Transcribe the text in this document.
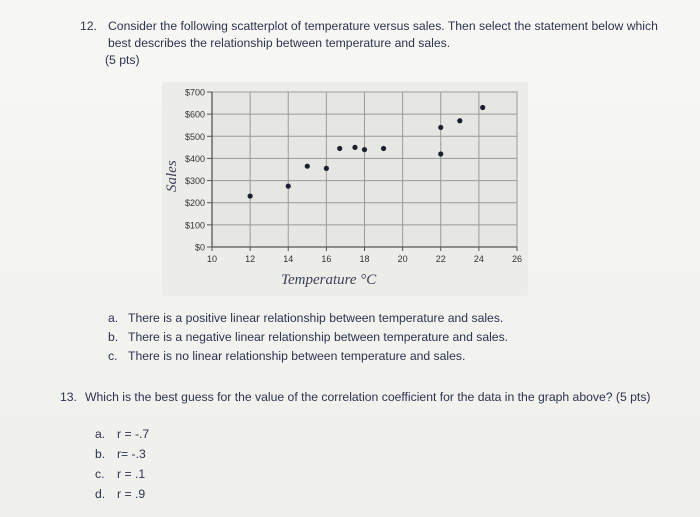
12. Consider the following scatterplot of temperature versus sales. Then select the statement below which best describes the relationship between temperature and sales.
(5 pts)
$0
$100
$200
$300
$400
$500
$600
$700
10	12	14	16	18	20	22	24	26
Sales
Temperature °C
a. There is a positive linear relationship between temperature and sales.
b. There is a negative linear relationship between temperature and sales.
c. There is no linear relationship between temperature and sales.
13. Which is the best guess for the value of the correlation coefficient for the data in the graph above? (5 pts)
a. r = -.7
b. r= -.3
c. r = .1
d. r = .9
